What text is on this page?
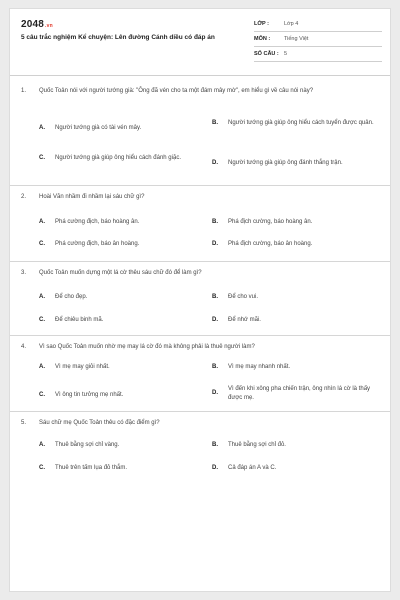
2048.vn
5 câu trắc nghiệm Kể chuyện: Lên đường Cánh diều có đáp án
LỚP :	Lớp 4
MÔN :	Tiếng Việt
SỐ CÂU : 5
1.	Quốc Toản nói với người tướng già: "Ông đã vén cho ta một đám mây mờ", em hiểu gì về câu nói này?
A.	Người tướng già có tài vén mây.
B.	Người tướng già giúp ông hiểu cách tuyển được quân.
C.	Người tướng già giúp ông hiểu cách đánh giặc.
D.	Người tướng già giúp ông đánh thắng trận.
2.	Hoài Văn nhầm đi nhầm lại sáu chữ gì?
A.	Phá cường địch, báo hoàng ân.	B.	Phá địch cường, báo hoàng ân.
C.	Phá cường địch, báo ân hoàng.	D.	Phá địch cường, báo ân hoàng.
3.	Quốc Toản muốn dựng một lá cờ thêu sáu chữ đó để làm gì?
A.	Để cho đẹp.	B.	Để cho vui.
C.	Để chiêu binh mã.	D.	Để nhớ mãi.
4.	Vì sao Quốc Toản muốn nhờ mẹ may lá cờ đó mà không phải là thuê người làm?
A.	Vì mẹ may giỏi nhất.	B.	Vì mẹ may nhanh nhất.
C.	Vì ông tin tưởng mẹ nhất.	D.
Vì đến khi xông pha chiến trận, ông nhìn lá cờ là thấy được mẹ.
5.	Sáu chữ mẹ Quốc Toản thêu có đặc điểm gì?
A.	Thuê bằng sợi chỉ vàng.	B.	Thuê bằng sợi chỉ đỏ.
C.	Thuê trên tấm lụa đỏ thắm.	D.	Cả đáp án A và C.
